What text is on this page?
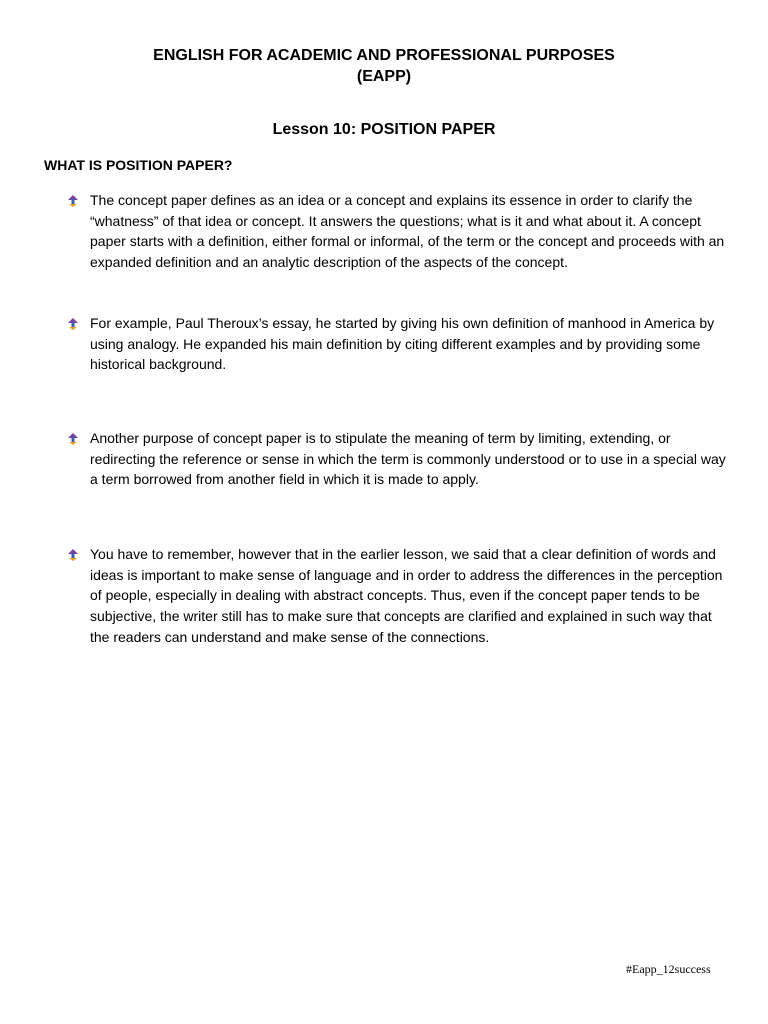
ENGLISH FOR ACADEMIC AND PROFESSIONAL PURPOSES
(EAPP)
Lesson 10: POSITION PAPER
WHAT IS POSITION PAPER?

The concept paper defines as an idea or a concept and explains its essence in order to clarify the “whatness” of that idea or concept. It answers the questions; what is it and what about it. A concept paper starts with a definition, either formal or informal, of the term or the concept and proceeds with an expanded definition and an analytic description of the aspects of the concept.

For example, Paul Theroux’s essay, he started by giving his own definition of manhood in America by using analogy. He expanded his main definition by citing different examples and by providing some historical background.

Another purpose of concept paper is to stipulate the meaning of term by limiting, extending, or redirecting the reference or sense in which the term is commonly understood or to use in a special way a term borrowed from another field in which it is made to apply.

You have to remember, however that in the earlier lesson, we said that a clear definition of words and ideas is important to make sense of language and in order to address the differences in the perception of people, especially in dealing with abstract concepts. Thus, even if the concept paper tends to be subjective, the writer still has to make sure that concepts are clarified and explained in such way that the readers can understand and make sense of the connections.

#Eapp_12success
